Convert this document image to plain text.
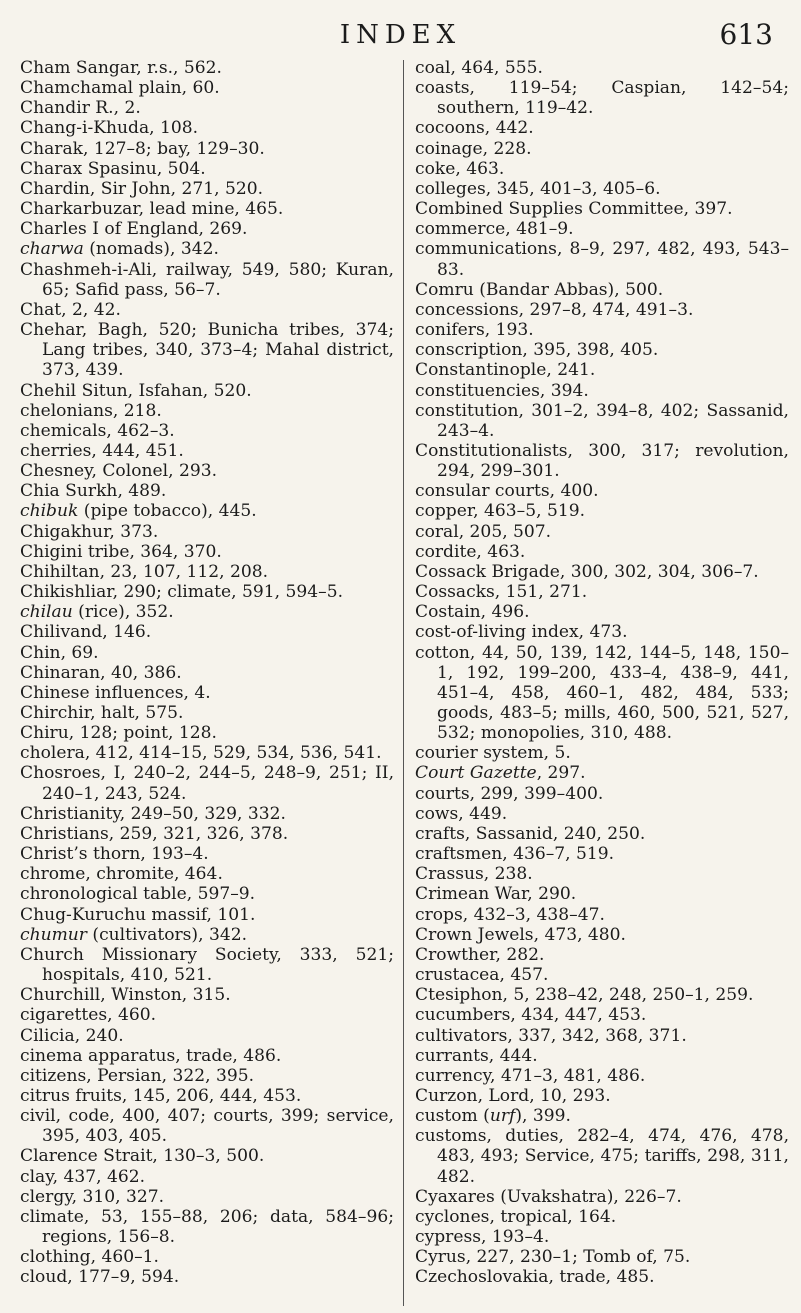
INDEX	613

Cham Sangar, r.s., 562.

Chamchamal plain, 60.

Chandir R., 2.

Chang-i-Khuda, 108.

Charak, 127–8; bay, 129–30.

Charax Spasinu, 504.

Chardin, Sir John, 271, 520.

Charkarbuzar, lead mine, 465.

Charles I of England, 269.

charwa (nomads), 342.

Chashmeh-i-Ali, railway, 549, 580; Kuran, 65; Safid pass, 56–7.

Chat, 2, 42.

Chehar, Bagh, 520; Bunicha tribes, 374; Lang tribes, 340, 373–4; Mahal district, 373, 439.

Chehil Situn, Isfahan, 520.

chelonians, 218.

chemicals, 462–3.

cherries, 444, 451.

Chesney, Colonel, 293.

Chia Surkh, 489.

chibuk (pipe tobacco), 445.

Chigakhur, 373.

Chigini tribe, 364, 370.

Chihiltan, 23, 107, 112, 208.

Chikishliar, 290; climate, 591, 594–5.

chilau (rice), 352.

Chilivand, 146.

Chin, 69.

Chinaran, 40, 386.

Chinese influences, 4.

Chirchir, halt, 575.

Chiru, 128; point, 128.

cholera, 412, 414–15, 529, 534, 536, 541.

Chosroes, I, 240–2, 244–5, 248–9, 251; II, 240–1, 243, 524.

Christianity, 249–50, 329, 332.

Christians, 259, 321, 326, 378.

Christ’s thorn, 193–4.

chrome, chromite, 464.

chronological table, 597–9.

Chug-Kuruchu massif, 101.

chumur (cultivators), 342.

Church Missionary Society, 333, 521; hospitals, 410, 521.

Churchill, Winston, 315.

cigarettes, 460.

Cilicia, 240.

cinema apparatus, trade, 486.

citizens, Persian, 322, 395.

citrus fruits, 145, 206, 444, 453.

civil, code, 400, 407; courts, 399; service, 395, 403, 405.

Clarence Strait, 130–3, 500.

clay, 437, 462.

clergy, 310, 327.

climate, 53, 155–88, 206; data, 584–96; regions, 156–8.

clothing, 460–1.

cloud, 177–9, 594.

coal, 464, 555.

coasts, 119–54; Caspian, 142–54; southern, 119–42.

cocoons, 442.

coinage, 228.

coke, 463.

colleges, 345, 401–3, 405–6.

Combined Supplies Committee, 397.

commerce, 481–9.

communications, 8–9, 297, 482, 493, 543–83.

Comru (Bandar Abbas), 500.

concessions, 297–8, 474, 491–3.

conifers, 193.

conscription, 395, 398, 405.

Constantinople, 241.

constituencies, 394.

constitution, 301–2, 394–8, 402; Sassanid, 243–4.

Constitutionalists, 300, 317; revolution, 294, 299–301.

consular courts, 400.

copper, 463–5, 519.

coral, 205, 507.

cordite, 463.

Cossack Brigade, 300, 302, 304, 306–7.

Cossacks, 151, 271.

Costain, 496.

cost-of-living index, 473.

cotton, 44, 50, 139, 142, 144–5, 148, 150–1, 192, 199–200, 433–4, 438–9, 441, 451–4, 458, 460–1, 482, 484, 533; goods, 483–5; mills, 460, 500, 521, 527, 532; monopolies, 310, 488.

courier system, 5.

Court Gazette, 297.

courts, 299, 399–400.

cows, 449.

crafts, Sassanid, 240, 250.

craftsmen, 436–7, 519.

Crassus, 238.

Crimean War, 290.

crops, 432–3, 438–47.

Crown Jewels, 473, 480.

Crowther, 282.

crustacea, 457.

Ctesiphon, 5, 238–42, 248, 250–1, 259.

cucumbers, 434, 447, 453.

cultivators, 337, 342, 368, 371.

currants, 444.

currency, 471–3, 481, 486.

Curzon, Lord, 10, 293.

custom (urf), 399.

customs, duties, 282–4, 474, 476, 478, 483, 493; Service, 475; tariffs, 298, 311, 482.

Cyaxares (Uvakshatra), 226–7.

cyclones, tropical, 164.

cypress, 193–4.

Cyrus, 227, 230–1; Tomb of, 75.

Czechoslovakia, trade, 485.
